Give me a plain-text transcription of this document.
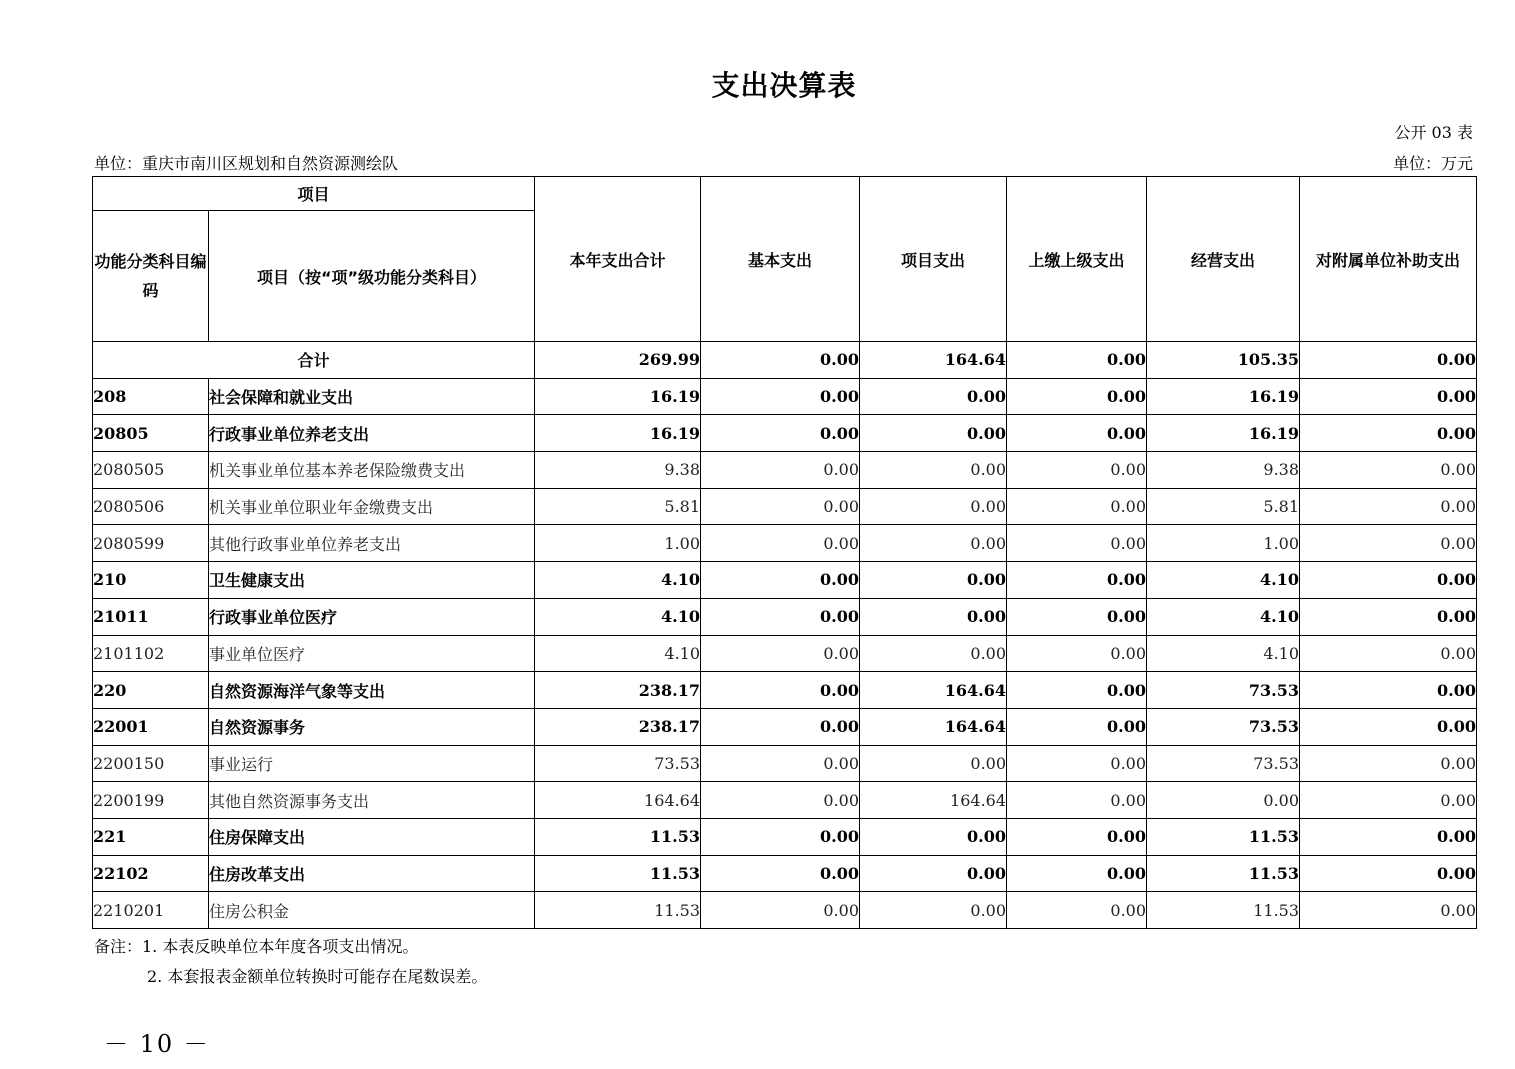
支出决算表
公开 03 表
单位：重庆市南川区规划和自然资源测绘队	单位：万元
项目		本年支出合计	基本支出	项目支出	上缴上级支出	经营支出	对附属单位补助支出
功能分类科目编码	项目（按“项”级功能分类科目）						
合计		269.99	0.00	164.64	0.00	105.35	0.00
208	社会保障和就业支出	16.19	0.00	0.00	0.00	16.19	0.00
20805	行政事业单位养老支出	16.19	0.00	0.00	0.00	16.19	0.00
2080505	机关事业单位基本养老保险缴费支出	9.38	0.00	0.00	0.00	9.38	0.00
2080506	机关事业单位职业年金缴费支出	5.81	0.00	0.00	0.00	5.81	0.00
2080599	其他行政事业单位养老支出	1.00	0.00	0.00	0.00	1.00	0.00
210	卫生健康支出	4.10	0.00	0.00	0.00	4.10	0.00
21011	行政事业单位医疗	4.10	0.00	0.00	0.00	4.10	0.00
2101102	事业单位医疗	4.10	0.00	0.00	0.00	4.10	0.00
220	自然资源海洋气象等支出	238.17	0.00	164.64	0.00	73.53	0.00
22001	自然资源事务	238.17	0.00	164.64	0.00	73.53	0.00
2200150	事业运行	73.53	0.00	0.00	0.00	73.53	0.00
2200199	其他自然资源事务支出	164.64	0.00	164.64	0.00	0.00	0.00
221	住房保障支出	11.53	0.00	0.00	0.00	11.53	0.00
22102	住房改革支出	11.53	0.00	0.00	0.00	11.53	0.00
2210201	住房公积金	11.53	0.00	0.00	0.00	11.53	0.00
备注：1. 本表反映单位本年度各项支出情况。
2. 本套报表金额单位转换时可能存在尾数误差。
－ 10 －
